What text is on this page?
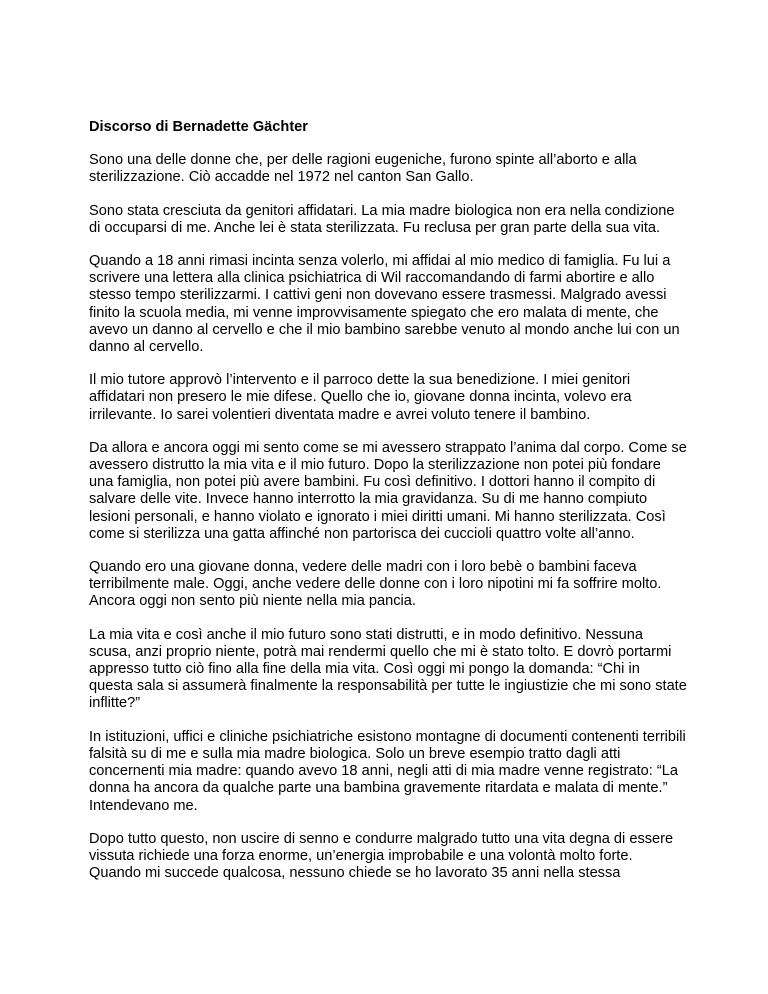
Discorso di Bernadette Gächter

Sono una delle donne che, per delle ragioni eugeniche, furono spinte all’aborto e alla sterilizzazione. Ciò accadde nel 1972 nel canton San Gallo.

Sono stata cresciuta da genitori affidatari. La mia madre biologica non era nella condizione di occuparsi di me. Anche lei è stata sterilizzata. Fu reclusa per gran parte della sua vita.

Quando a 18 anni rimasi incinta senza volerlo, mi affidai al mio medico di famiglia. Fu lui a scrivere una lettera alla clinica psichiatrica di Wil raccomandando di farmi abortire e allo stesso tempo sterilizzarmi. I cattivi geni non dovevano essere trasmessi. Malgrado avessi finito la scuola media, mi venne improvvisamente spiegato che ero malata di mente, che avevo un danno al cervello e che il mio bambino sarebbe venuto al mondo anche lui con un danno al cervello.

Il mio tutore approvò l’intervento e il parroco dette la sua benedizione. I miei genitori affidatari non presero le mie difese. Quello che io, giovane donna incinta, volevo era irrilevante. Io sarei volentieri diventata madre e avrei voluto tenere il bambino.

Da allora e ancora oggi mi sento come se mi avessero strappato l’anima dal corpo. Come se avessero distrutto la mia vita e il mio futuro. Dopo la sterilizzazione non potei più fondare una famiglia, non potei più avere bambini. Fu così definitivo. I dottori hanno il compito di salvare delle vite. Invece hanno interrotto la mia gravidanza. Su di me hanno compiuto lesioni personali, e hanno violato e ignorato i miei diritti umani. Mi hanno sterilizzata. Così come si sterilizza una gatta affinché non partorisca dei cuccioli quattro volte all’anno.

Quando ero una giovane donna, vedere delle madri con i loro bebè o bambini faceva terribilmente male. Oggi, anche vedere delle donne con i loro nipotini mi fa soffrire molto. Ancora oggi non sento più niente nella mia pancia.

La mia vita e così anche il mio futuro sono stati distrutti, e in modo definitivo. Nessuna scusa, anzi proprio niente, potrà mai rendermi quello che mi è stato tolto. E dovrò portarmi appresso tutto ciò fino alla fine della mia vita. Così oggi mi pongo la domanda: “Chi in questa sala si assumerà finalmente la responsabilità per tutte le ingiustizie che mi sono state inflitte?”

In istituzioni, uffici e cliniche psichiatriche esistono montagne di documenti contenenti terribili falsità su di me e sulla mia madre biologica. Solo un breve esempio tratto dagli atti concernenti mia madre: quando avevo 18 anni, negli atti di mia madre venne registrato: “La donna ha ancora da qualche parte una bambina gravemente ritardata e malata di mente.” Intendevano me.

Dopo tutto questo, non uscire di senno e condurre malgrado tutto una vita degna di essere vissuta richiede una forza enorme, un’energia improbabile e una volontà molto forte. Quando mi succede qualcosa, nessuno chiede se ho lavorato 35 anni nella stessa
